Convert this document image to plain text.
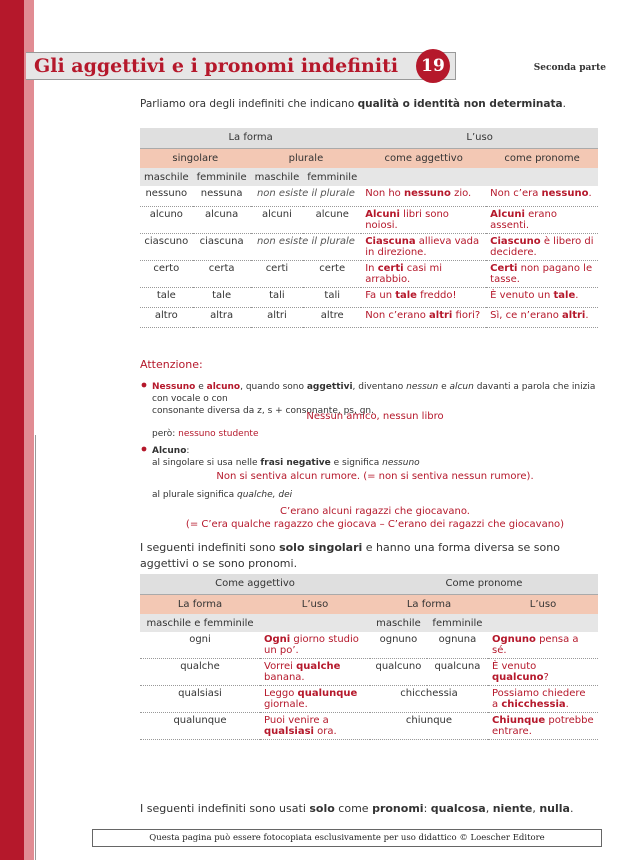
Gli aggettivi e i pronomi indefiniti	19	Seconda parte
Parliamo ora degli indefiniti che indicano qualità o identità non determinata.
La forma				L’uso	
singolare		plurale		come aggettivo	come pronome
maschile	femminile	maschile	femminile		
nessuno	nessuna	non esiste il plurale		Non ho nessuno zio.	Non c’era nessuno.
alcuno	alcuna	alcuni	alcune	Alcuni libri sono noiosi.	Alcuni erano assenti.
ciascuno	ciascuna	non esiste il plurale		Ciascuna allieva vada in direzione.	Ciascuno è libero di decidere.
certo	certa	certi	certe	In certi casi mi arrabbio.	Certi non pagano le tasse.
tale	tale	tali	tali	Fa un tale freddo!	È venuto un tale.
altro	altra	altri	altre	Non c’erano altri fiori?	Sì, ce n’erano altri.
Attenzione:
Nessuno e alcuno, quando sono aggettivi, diventano nessun e alcun davanti a parola che inizia con vocale o con
consonante diversa da z, s + consonante, ps, gn.
Nessun amico, nessun libro
però: nessuno studente
Alcuno:
al singolare si usa nelle frasi negative e significa nessuno
Non si sentiva alcun rumore. (= non si sentiva nessun rumore).
al plurale significa qualche, dei
C’erano alcuni ragazzi che giocavano.
(= C’era qualche ragazzo che giocava – C’erano dei ragazzi che giocavano)
I seguenti indefiniti sono solo singolari e hanno una forma diversa se sono aggettivi o se sono pronomi.
Come aggettivo		Come pronome		
La forma	L’uso	La forma		L’uso
maschile e femminile		maschile	femminile	
ogni	Ogni giorno studio un po’.	ognuno	ognuna	Ognuno pensa a sé.
qualche	Vorrei qualche banana.	qualcuno	qualcuna	È venuto qualcuno?
qualsiasi	Leggo qualunque giornale.	chicchessia		Possiamo chiedere a chicchessia.
qualunque	Puoi venire a qualsiasi ora.	chiunque		Chiunque potrebbe entrare.
I seguenti indefiniti sono usati solo come pronomi: qualcosa, niente, nulla.
Questa pagina può essere fotocopiata esclusivamente per uso didattico © Loescher Editore
